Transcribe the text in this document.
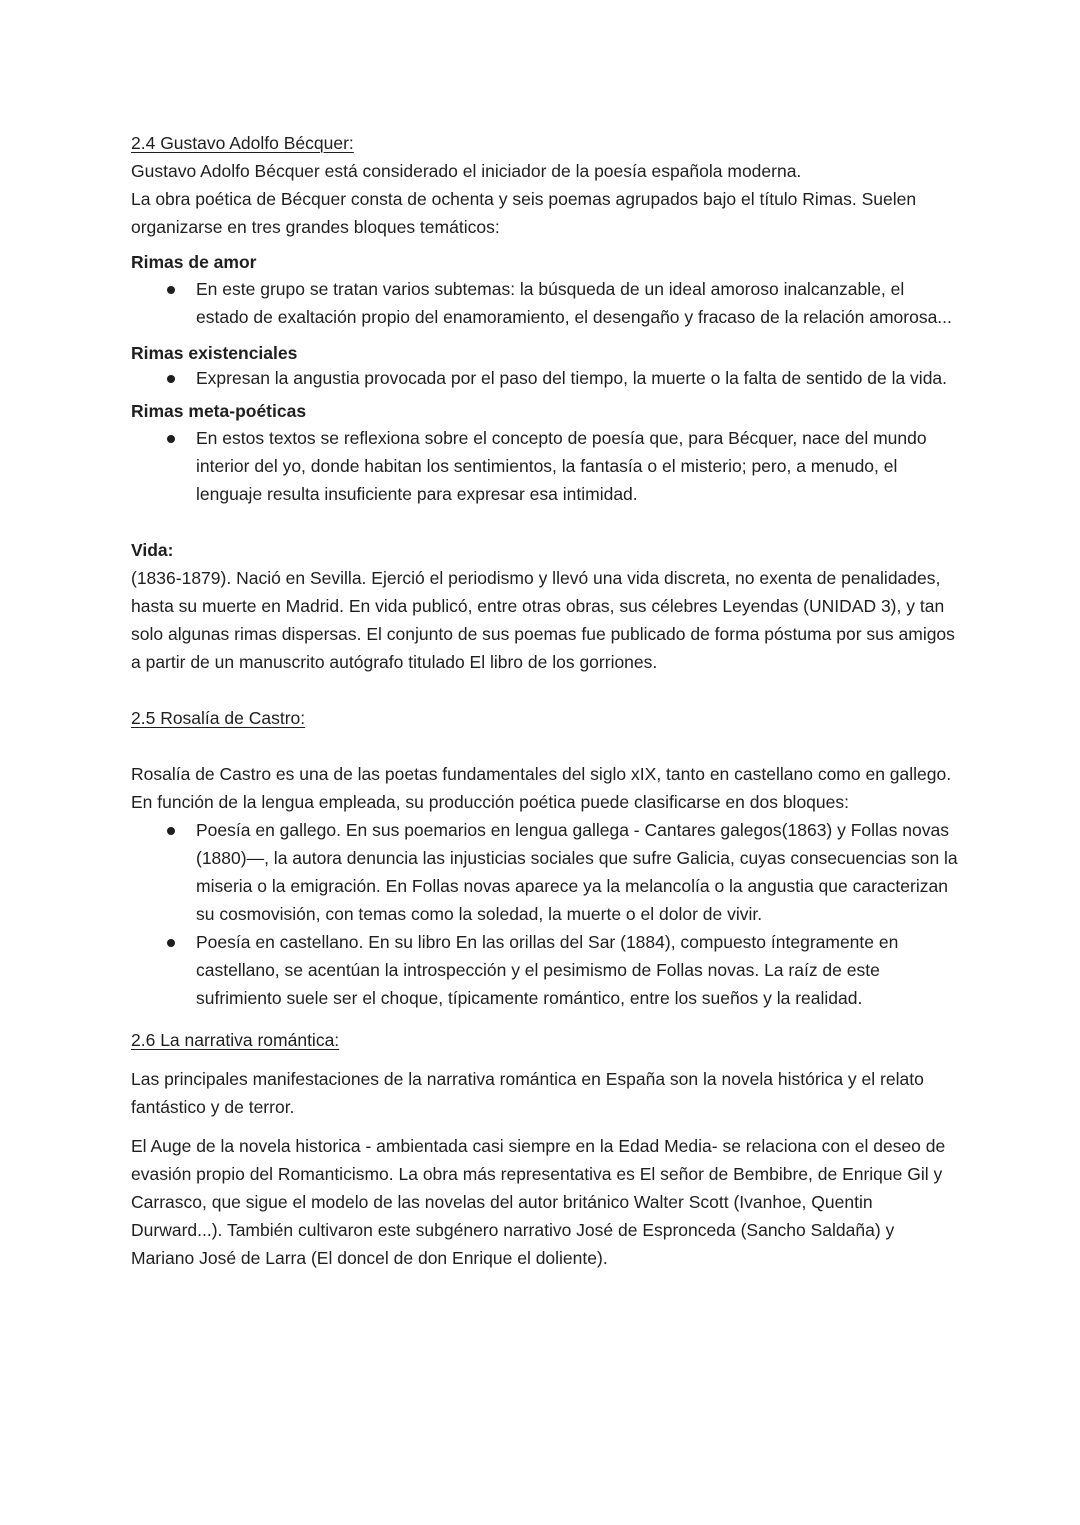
2.4 Gustavo Adolfo Bécquer:

Gustavo Adolfo Bécquer está considerado el iniciador de la poesía española moderna.

La obra poética de Bécquer consta de ochenta y seis poemas agrupados bajo el título Rimas. Suelen organizarse en tres grandes bloques temáticos:

Rimas de amor

En este grupo se tratan varios subtemas: la búsqueda de un ideal amoroso inalcanzable, el estado de exaltación propio del enamoramiento, el desengaño y fracaso de la relación amorosa...

Rimas existenciales

Expresan la angustia provocada por el paso del tiempo, la muerte o la falta de sentido de la vida.

Rimas meta-poéticas

En estos textos se reflexiona sobre el concepto de poesía que, para Bécquer, nace del mundo interior del yo, donde habitan los sentimientos, la fantasía o el misterio; pero, a menudo, el lenguaje resulta insuficiente para expresar esa intimidad.

Vida:

(1836-1879). Nació en Sevilla. Ejerció el periodismo y llevó una vida discreta, no exenta de penalidades, hasta su muerte en Madrid. En vida publicó, entre otras obras, sus célebres Leyendas (UNIDAD 3), y tan solo algunas rimas dispersas. El conjunto de sus poemas fue publicado de forma póstuma por sus amigos a partir de un manuscrito autógrafo titulado El libro de los gorriones.

2.5 Rosalía de Castro:

Rosalía de Castro es una de las poetas fundamentales del siglo xIX, tanto en castellano como en gallego.

En función de la lengua empleada, su producción poética puede clasificarse en dos bloques:

Poesía en gallego. En sus poemarios en lengua gallega - Cantares galegos(1863) y Follas novas (1880)—, la autora denuncia las injusticias sociales que sufre Galicia, cuyas consecuencias son la miseria o la emigración. En Follas novas aparece ya la melancolía o la angustia que caracterizan su cosmovisión, con temas como la soledad, la muerte o el dolor de vivir.
Poesía en castellano. En su libro En las orillas del Sar (1884), compuesto íntegramente en castellano, se acentúan la introspección y el pesimismo de Follas novas. La raíz de este sufrimiento suele ser el choque, típicamente romántico, entre los sueños y la realidad.

2.6 La narrativa romántica:

Las principales manifestaciones de la narrativa romántica en España son la novela histórica y el relato fantástico y de terror.

El Auge de la novela historica - ambientada casi siempre en la Edad Media- se relaciona con el deseo de evasión propio del Romanticismo. La obra más representativa es El señor de Bembibre, de Enrique Gil y Carrasco, que sigue el modelo de las novelas del autor británico Walter Scott (Ivanhoe, Quentin Durward...). También cultivaron este subgénero narrativo José de Espronceda (Sancho Saldaña) y Mariano José de Larra (El doncel de don Enrique el doliente).
